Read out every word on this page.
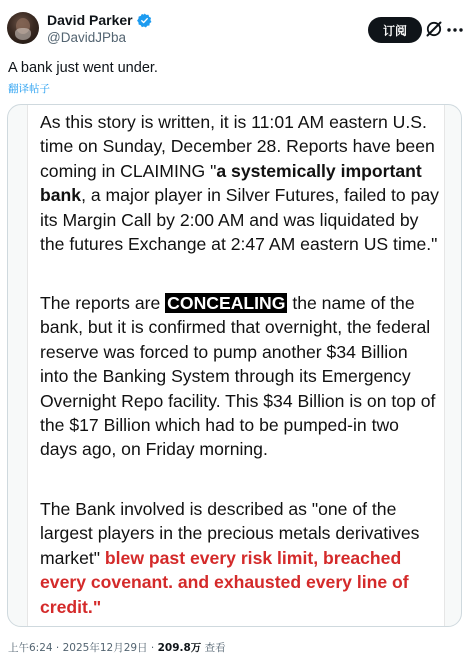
David Parker
@DavidJPba	订阅
A bank just went under.
翻译帖子

As this story is written, it is 11:01 AM eastern U.S. time on Sunday, December 28. Reports have been coming in CLAIMING "a systemically important bank, a major player in Silver Futures, failed to pay its Margin Call by 2:00 AM and was liquidated by the futures Exchange at 2:47 AM eastern US time."

The reports are CONCEALING the name of the bank, but it is confirmed that overnight, the federal reserve was forced to pump another $34 Billion into the Banking System through its Emergency Overnight Repo facility. This $34 Billion is on top of the $17 Billion which had to be pumped-in two days ago, on Friday morning.

The Bank involved is described as "one of the largest players in the precious metals derivatives market" blew past every risk limit, breached every covenant. and exhausted every line of credit."

上午6:24 · 2025年12月29日 · 209.8万 查看
